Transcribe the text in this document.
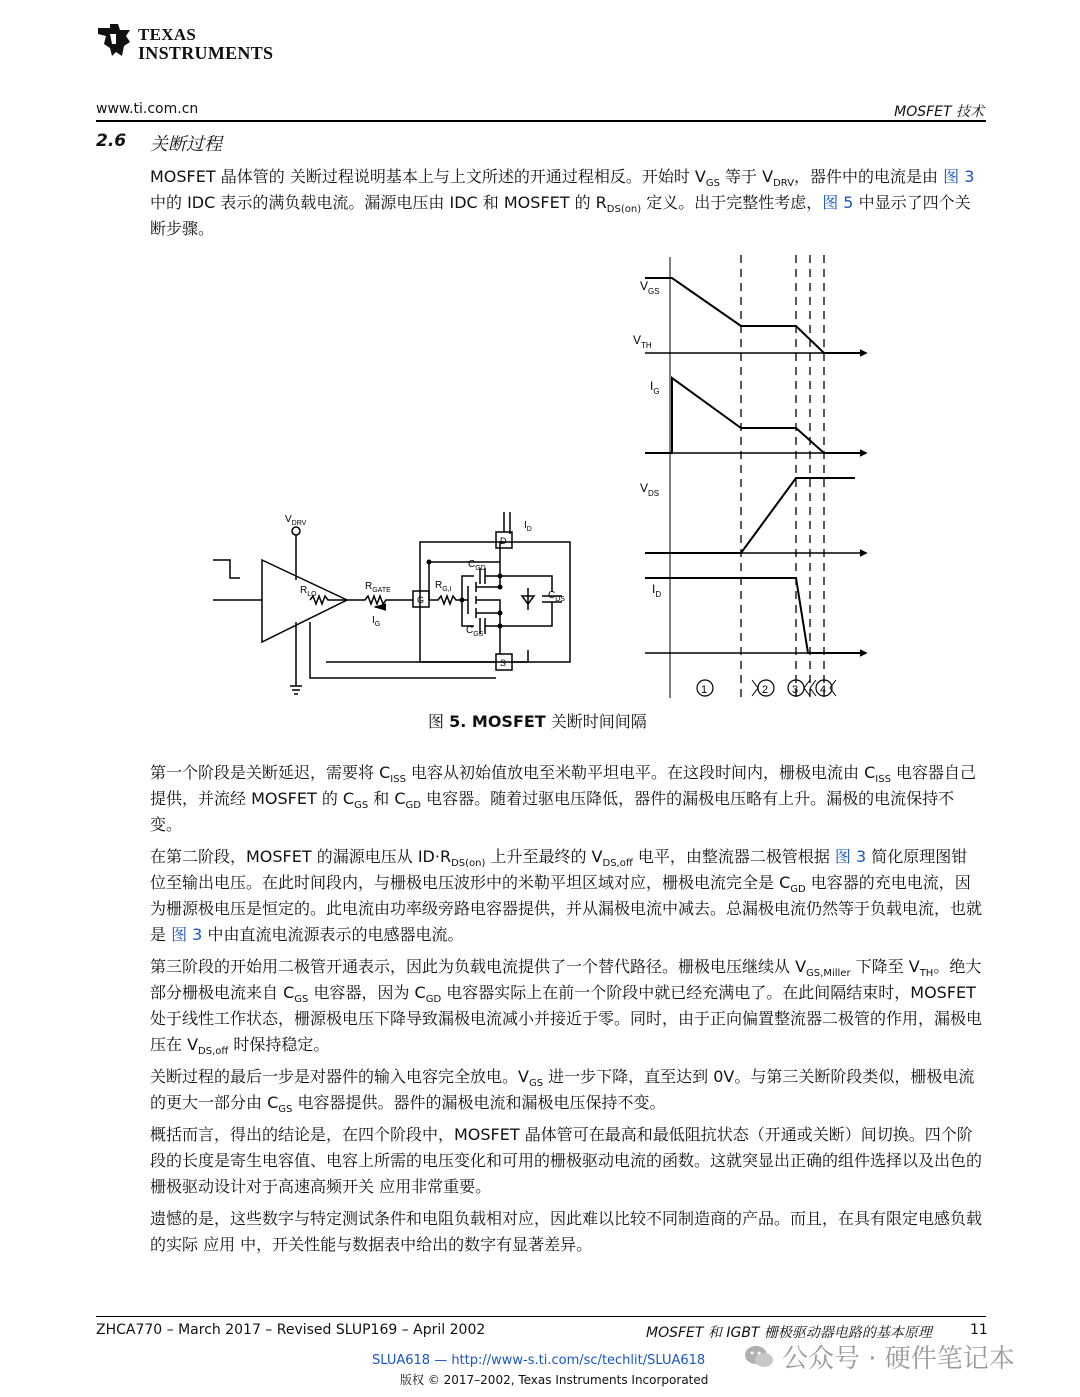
TEXAS
INSTRUMENTS
www.ti.com.cn	MOSFET 技术
2.6 关断过程

MOSFET 晶体管的 关断过程说明基本上与上文所述的开通过程相反。开始时 $V_{GS}$ 等于 $V_{DRV}$，器件中的电流是由 图 3 中的 IDC 表示的满负载电流。漏源电压由 IDC 和 MOSFET 的 $R_{DS(on)}$ 定义。出于完整性考虑，图 5 中显示了四个关断步骤。

$V_{DRV}$
$R_{LO}$
$R_{GATE}$
$I_G$
$R_{G,I}$
$C_{GD}$
$C_{GS}$
$C_{DS}$
$I_D$
D
G
S
$V_{GS}$
$V_{TH}$
$I_G$
$V_{DS}$
$I_D$
1	2 3 4
图 5. MOSFET 关断时间间隔

第一个阶段是关断延迟，需要将 $C_{ISS}$ 电容从初始值放电至米勒平坦电平。在这段时间内，栅极电流由 $C_{ISS}$ 电容器自己提供，并流经 MOSFET 的 $C_{GS}$ 和 $C_{GD}$ 电容器。随着过驱电压降低，器件的漏极电压略有上升。漏极的电流保持不变。

在第二阶段，MOSFET 的漏源电压从 $ID\cdot R_{DS(on)}$ 上升至最终的 $V_{DS,off}$ 电平，由整流器二极管根据 图 3 简化原理图钳位至输出电压。在此时间段内，与栅极电压波形中的米勒平坦区域对应，栅极电流完全是 $C_{GD}$ 电容器的充电电流，因为栅源极电压是恒定的。此电流由功率级旁路电容器提供，并从漏极电流中减去。总漏极电流仍然等于负载电流，也就是 图 3 中由直流电流源表示的电感器电流。

第三阶段的开始用二极管开通表示，因此为负载电流提供了一个替代路径。栅极电压继续从 $V_{GS,Miller}$ 下降至 $V_{TH}$。绝大部分栅极电流来自 $C_{GS}$ 电容器，因为 $C_{GD}$ 电容器实际上在前一个阶段中就已经充满电了。在此间隔结束时，MOSFET 处于线性工作状态，栅源极电压下降导致漏极电流减小并接近于零。同时，由于正向偏置整流器二极管的作用，漏极电压在 $V_{DS,off}$ 时保持稳定。

关断过程的最后一步是对器件的输入电容完全放电。$V_{GS}$ 进一步下降，直至达到 0V。与第三关断阶段类似，栅极电流的更大一部分由 $C_{GS}$ 电容器提供。器件的漏极电流和漏极电压保持不变。

概括而言，得出的结论是，在四个阶段中，MOSFET 晶体管可在最高和最低阻抗状态（开通或关断）间切换。四个阶段的长度是寄生电容值、电容上所需的电压变化和可用的栅极驱动电流的函数。这就突显出正确的组件选择以及出色的栅极驱动设计对于高速高频开关 应用非常重要。

遗憾的是，这些数字与特定测试条件和电阻负载相对应，因此难以比较不同制造商的产品。而且，在具有限定电感负载的实际 应用 中，开关性能与数据表中给出的数字有显著差异。

ZHCA770 – March 2017 – Revised SLUP169 – April 2002	MOSFET 和 IGBT 栅极驱动器电路的基本原理	11
SLUA618 — http://www-s.ti.com/sc/techlit/SLUA618
版权 © 2017–2002, Texas Instruments Incorporated
公众号 · 硬件笔记本
